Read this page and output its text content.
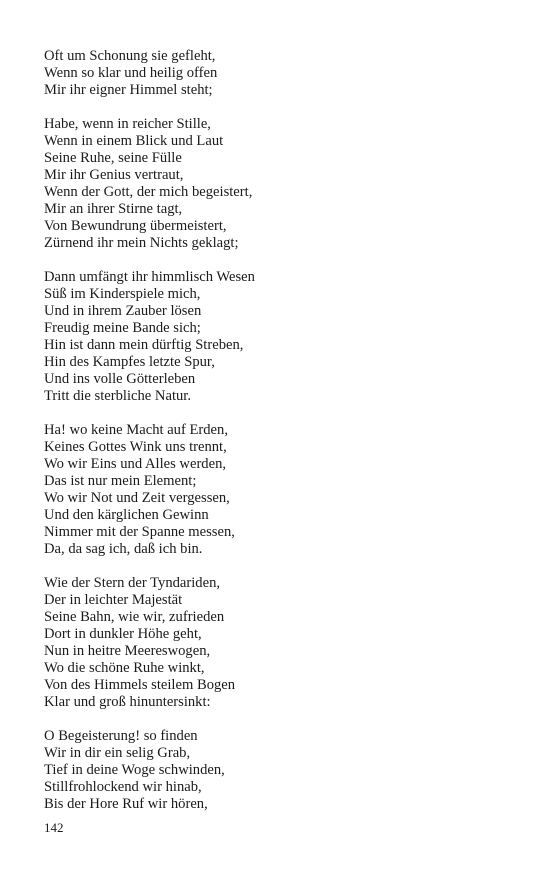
Oft um Schonung sie gefleht,
Wenn so klar und heilig offen
Mir ihr eigner Himmel steht;
Habe, wenn in reicher Stille,
Wenn in einem Blick und Laut
Seine Ruhe, seine Fülle
Mir ihr Genius vertraut,
Wenn der Gott, der mich begeistert,
Mir an ihrer Stirne tagt,
Von Bewundrung übermeistert,
Zürnend ihr mein Nichts geklagt;
Dann umfängt ihr himmlisch Wesen
Süß im Kinderspiele mich,
Und in ihrem Zauber lösen
Freudig meine Bande sich;
Hin ist dann mein dürftig Streben,
Hin des Kampfes letzte Spur,
Und ins volle Götterleben
Tritt die sterbliche Natur.
Ha! wo keine Macht auf Erden,
Keines Gottes Wink uns trennt,
Wo wir Eins und Alles werden,
Das ist nur mein Element;
Wo wir Not und Zeit vergessen,
Und den kärglichen Gewinn
Nimmer mit der Spanne messen,
Da, da sag ich, daß ich bin.
Wie der Stern der Tyndariden,
Der in leichter Majestät
Seine Bahn, wie wir, zufrieden
Dort in dunkler Höhe geht,
Nun in heitre Meereswogen,
Wo die schöne Ruhe winkt,
Von des Himmels steilem Bogen
Klar und groß hinuntersinkt:
O Begeisterung! so finden
Wir in dir ein selig Grab,
Tief in deine Woge schwinden,
Stillfrohlockend wir hinab,
Bis der Hore Ruf wir hören,
142
